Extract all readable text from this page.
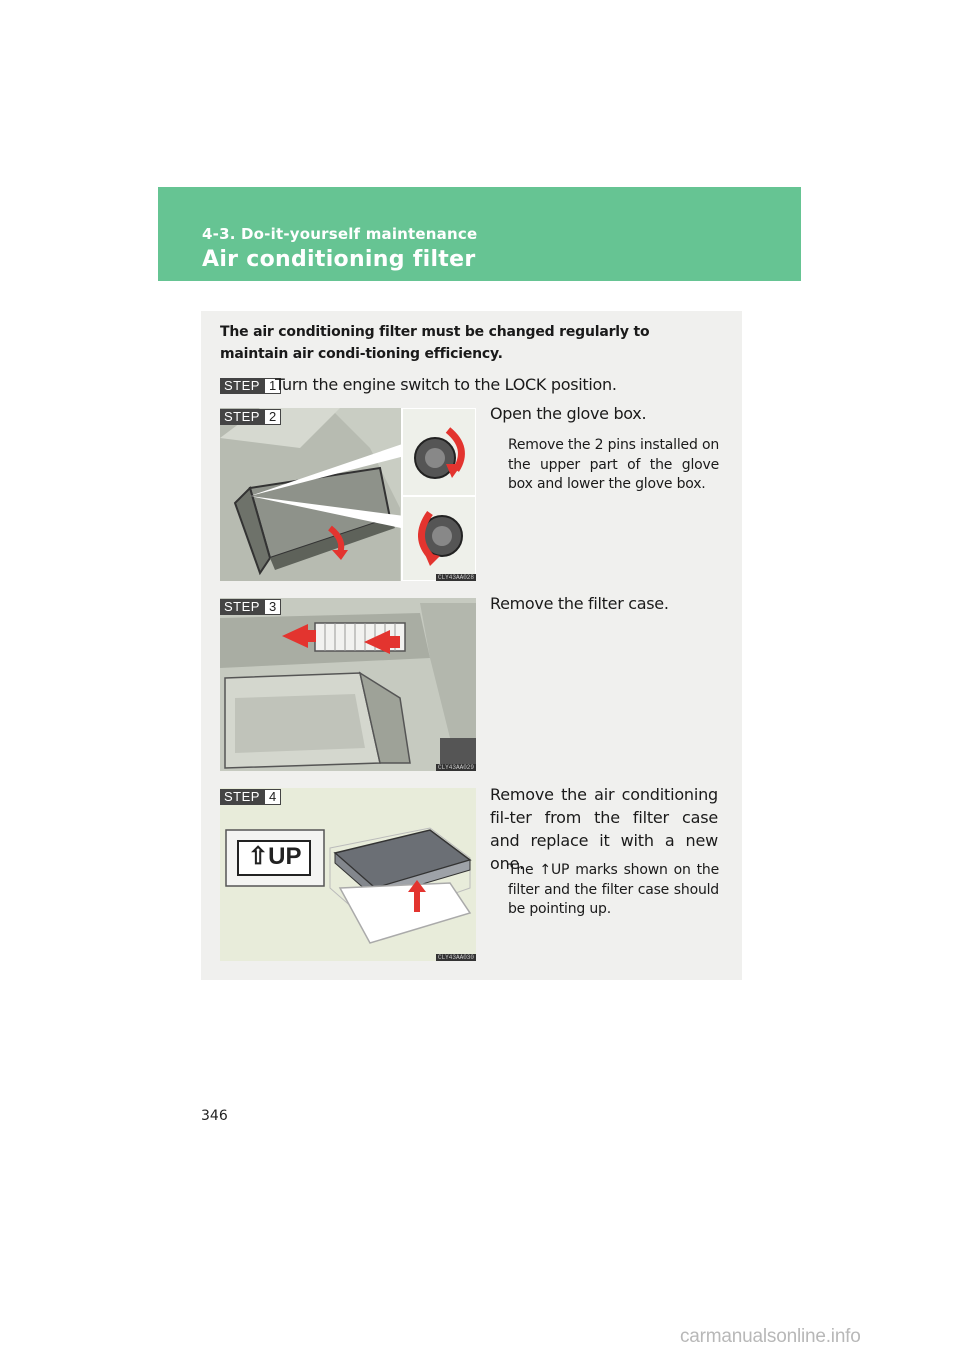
4-3. Do-it-yourself maintenance
Air conditioning filter
The air conditioning filter must be changed regularly to maintain air condi-tioning efficiency.
STEP 1
Turn the engine switch to the LOCK position.
CLY43AA028
STEP 2	Open the glove box.
Remove the 2 pins installed on the upper part of the glove box and lower the glove box.
CLY43AA029
STEP 3	Remove the filter case.
⇧UP
CLY43AA030
STEP 4	Remove the air conditioning fil-ter from the filter case and replace it with a new one.
The ↑UP marks shown on the filter and the filter case should be pointing up.
346
carmanualsonline.info
